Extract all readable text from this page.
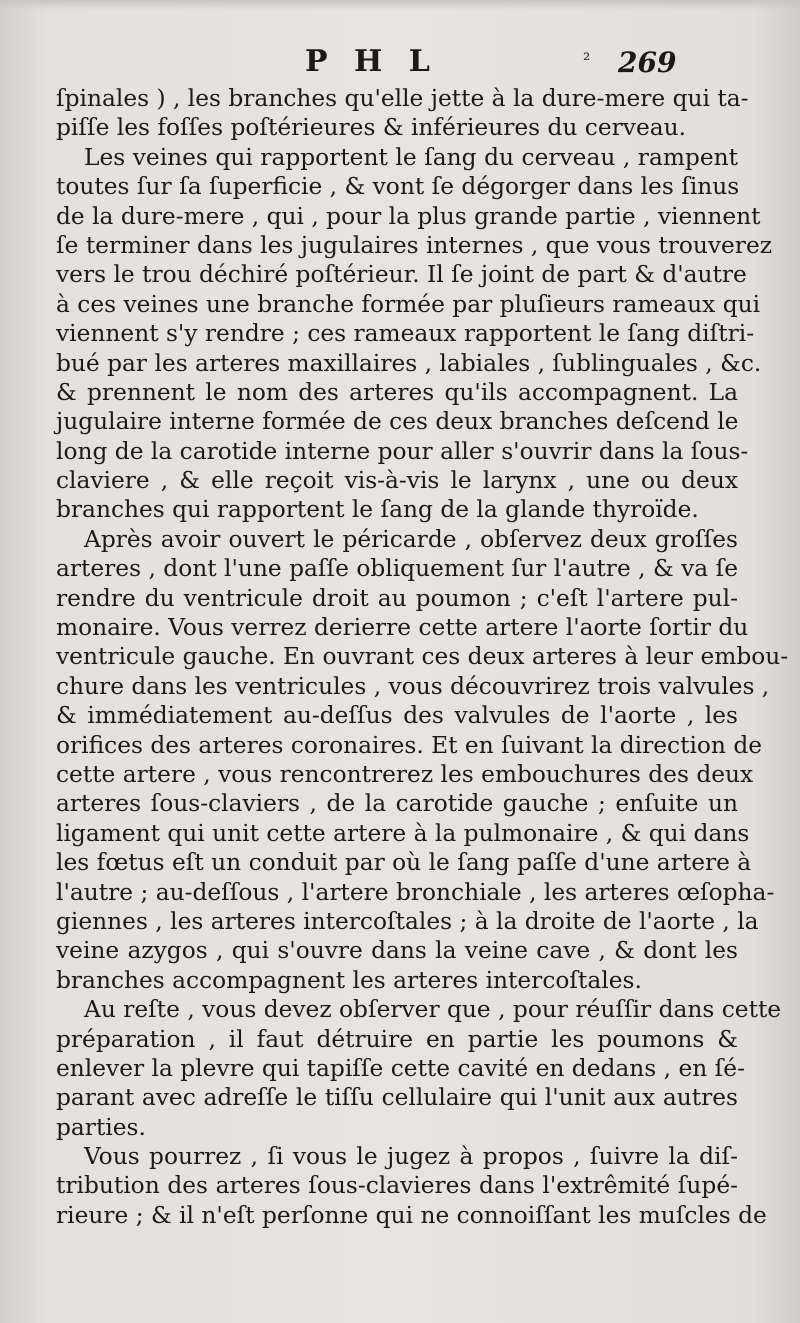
P H L	² 269
ſpinales ) , les branches qu'elle jette à la dure-mere qui ta-
piſſe les foſſes poſtérieures & inférieures du cerveau.
Les veines qui rapportent le ſang du cerveau , rampent
toutes ſur ſa ſuperficie , & vont ſe dégorger dans les ſinus
de la dure-mere , qui , pour la plus grande partie , viennent
ſe terminer dans les jugulaires internes , que vous trouverez
vers le trou déchiré poſtérieur. Il ſe joint de part & d'autre
à ces veines une branche formée par pluſieurs rameaux qui
viennent s'y rendre ; ces rameaux rapportent le ſang diſtri-
bué par les arteres maxillaires , labiales , ſublinguales , &c.
& prennent le nom des arteres qu'ils accompagnent. La
jugulaire interne formée de ces deux branches deſcend le
long de la carotide interne pour aller s'ouvrir dans la ſous-
claviere , & elle reçoit vis-à-vis le larynx , une ou deux
branches qui rapportent le ſang de la glande thyroïde.
Après avoir ouvert le péricarde , obſervez deux groſſes
arteres , dont l'une paſſe obliquement ſur l'autre , & va ſe
rendre du ventricule droit au poumon ; c'eſt l'artere pul-
monaire. Vous verrez derierre cette artere l'aorte ſortir du
ventricule gauche. En ouvrant ces deux arteres à leur embou-
chure dans les ventricules , vous découvrirez trois valvules ,
& immédiatement au-deſſus des valvules de l'aorte , les
orifices des arteres coronaires. Et en ſuivant la direction de
cette artere , vous rencontrerez les embouchures des deux
arteres ſous-claviers , de la carotide gauche ; enſuite un
ligament qui unit cette artere à la pulmonaire , & qui dans
les fœtus eſt un conduit par où le ſang paſſe d'une artere à
l'autre ; au-deſſous , l'artere bronchiale , les arteres œſopha-
giennes , les arteres intercoſtales ; à la droite de l'aorte , la
veine azygos , qui s'ouvre dans la veine cave , & dont les
branches accompagnent les arteres intercoſtales.
Au reſte , vous devez obſerver que , pour réuſſir dans cette
préparation , il faut détruire en partie les poumons &
enlever la plevre qui tapiſſe cette cavité en dedans , en ſé-
parant avec adreſſe le tiſſu cellulaire qui l'unit aux autres
parties.
Vous pourrez , ſi vous le jugez à propos , ſuivre la diſ-
tribution des arteres ſous-clavieres dans l'extrêmité ſupé-
rieure ; & il n'eſt perſonne qui ne connoiſſant les muſcles de
